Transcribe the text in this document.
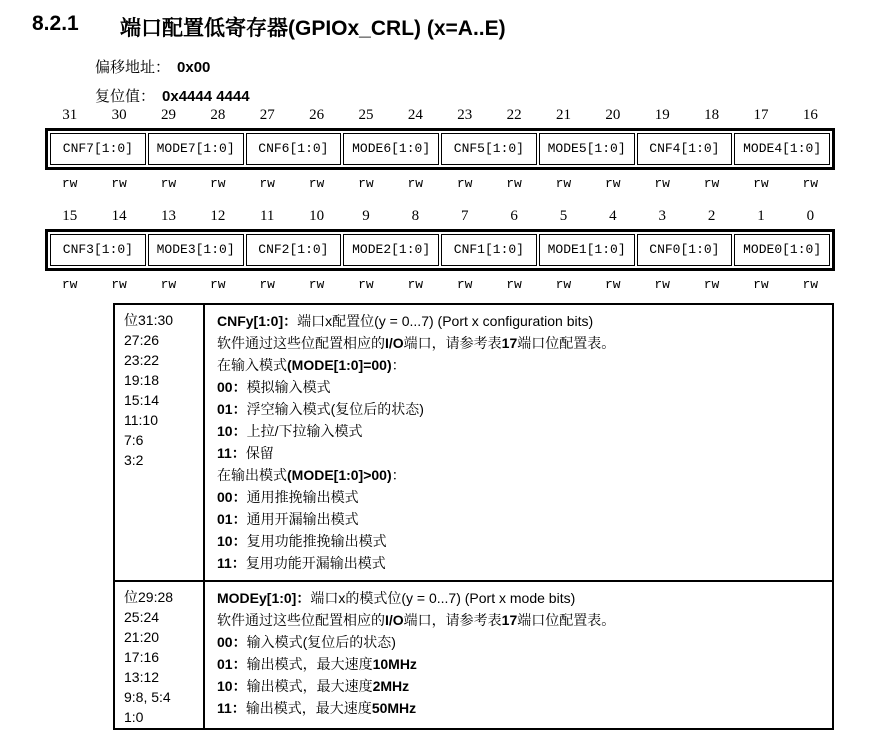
8.2.1	端口配置低寄存器(GPIOx_CRL) (x=A..E)
偏移地址： 0x00
复位值： 0x4444 4444
31	30	29	28	27	26	25	24	23	22	21	20	19	18	17	16
CNF7[1:0]	MODE7[1:0]	CNF6[1:0]	MODE6[1:0]	CNF5[1:0]	MODE5[1:0]	CNF4[1:0]	MODE4[1:0]
rw	rw	rw	rw	rw	rw	rw	rw	rw	rw	rw	rw	rw	rw	rw	rw
15	14	13	12	11	10	9	8	7	6	5	4	3	2	1	0
CNF3[1:0]	MODE3[1:0]	CNF2[1:0]	MODE2[1:0]	CNF1[1:0]	MODE1[1:0]	CNF0[1:0]	MODE0[1:0]
rw	rw	rw	rw	rw	rw	rw	rw	rw	rw	rw	rw	rw	rw	rw	rw
位31:30
27:26
23:22
19:18
15:14
11:10
7:6
3:2
CNFy[1:0]：端口x配置位(y = 0...7) (Port x configuration bits)
软件通过这些位配置相应的I/O端口，请参考表17端口位配置表。
在输入模式(MODE[1:0]=00)：
00：模拟输入模式
01：浮空输入模式(复位后的状态)
10：上拉/下拉输入模式
11：保留
在输出模式(MODE[1:0]>00)：
00：通用推挽输出模式
01：通用开漏输出模式
10：复用功能推挽输出模式
11：复用功能开漏输出模式
位29:28
25:24
21:20
17:16
13:12
9:8, 5:4
1:0
MODEy[1:0]：端口x的模式位(y = 0...7) (Port x mode bits)
软件通过这些位配置相应的I/O端口，请参考表17端口位配置表。
00：输入模式(复位后的状态)
01：输出模式，最大速度10MHz
10：输出模式，最大速度2MHz
11：输出模式，最大速度50MHz
